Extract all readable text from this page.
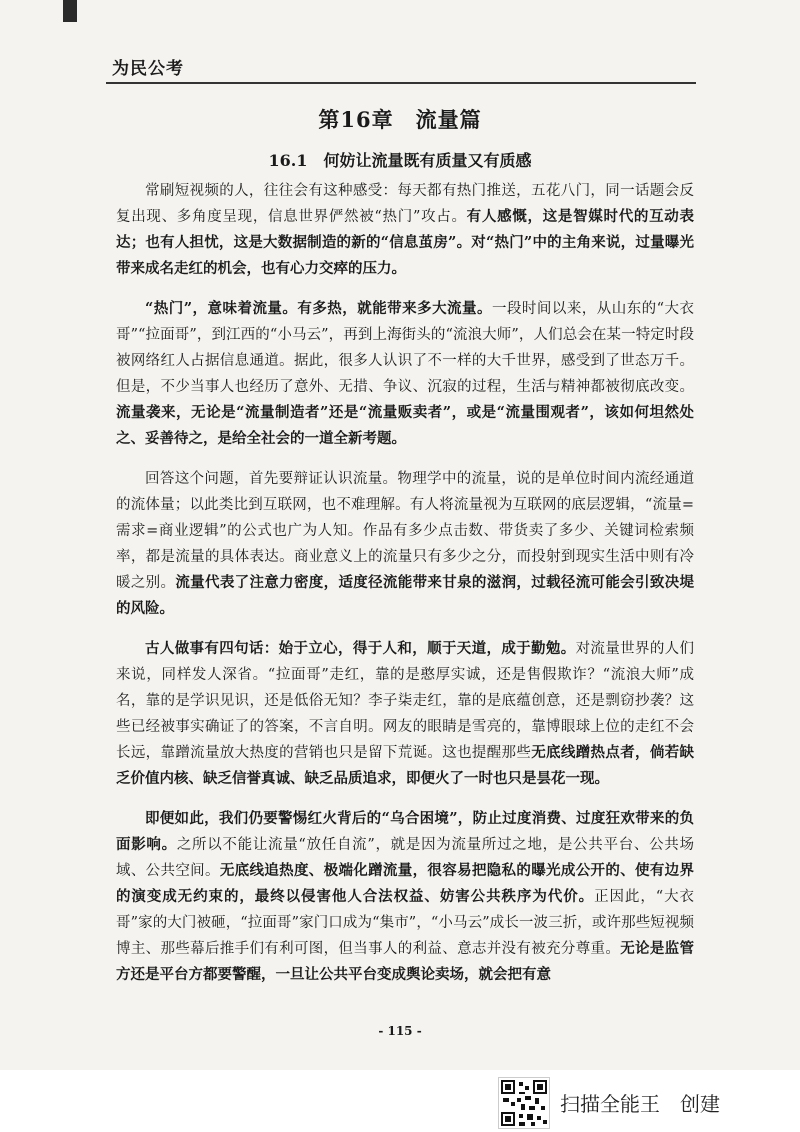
为民公考
第16章　流量篇
16.1　何妨让流量既有质量又有质感

常刷短视频的人，往往会有这种感受：每天都有热门推送，五花八门，同一话题会反复出现、多角度呈现，信息世界俨然被“热门”攻占。有人感慨，这是智媒时代的互动表达；也有人担忧，这是大数据制造的新的“信息茧房”。对“热门”中的主角来说，过量曝光带来成名走红的机会，也有心力交瘁的压力。

“热门”，意味着流量。有多热，就能带来多大流量。一段时间以来，从山东的“大衣哥”“拉面哥”，到江西的“小马云”，再到上海街头的“流浪大师”，人们总会在某一特定时段被网络红人占据信息通道。据此，很多人认识了不一样的大千世界，感受到了世态万千。但是，不少当事人也经历了意外、无措、争议、沉寂的过程，生活与精神都被彻底改变。流量袭来，无论是“流量制造者”还是“流量贩卖者”，或是“流量围观者”，该如何坦然处之、妥善待之，是给全社会的一道全新考题。

回答这个问题，首先要辩证认识流量。物理学中的流量，说的是单位时间内流经通道的流体量；以此类比到互联网，也不难理解。有人将流量视为互联网的底层逻辑，“流量=需求=商业逻辑”的公式也广为人知。作品有多少点击数、带货卖了多少、关键词检索频率，都是流量的具体表达。商业意义上的流量只有多少之分，而投射到现实生活中则有冷暖之别。流量代表了注意力密度，适度径流能带来甘泉的滋润，过载径流可能会引致决堤的风险。

古人做事有四句话：始于立心，得于人和，顺于天道，成于勤勉。对流量世界的人们来说，同样发人深省。“拉面哥”走红，靠的是憨厚实诚，还是售假欺诈？“流浪大师”成名，靠的是学识见识，还是低俗无知？李子柒走红，靠的是底蕴创意，还是剽窃抄袭？这些已经被事实确证了的答案，不言自明。网友的眼睛是雪亮的，靠博眼球上位的走红不会长远，靠蹭流量放大热度的营销也只是留下荒诞。这也提醒那些无底线蹭热点者，倘若缺乏价值内核、缺乏信誉真诚、缺乏品质追求，即便火了一时也只是昙花一现。

即便如此，我们仍要警惕红火背后的“乌合困境”，防止过度消费、过度狂欢带来的负面影响。之所以不能让流量“放任自流”，就是因为流量所过之地，是公共平台、公共场域、公共空间。无底线追热度、极端化蹭流量，很容易把隐私的曝光成公开的、使有边界的演变成无约束的，最终以侵害他人合法权益、妨害公共秩序为代价。正因此，“大衣哥”家的大门被砸，“拉面哥”家门口成为“集市”，“小马云”成长一波三折，或许那些短视频博主、那些幕后推手们有利可图，但当事人的利益、意志并没有被充分尊重。无论是监管方还是平台方都要警醒，一旦让公共平台变成舆论卖场，就会把有意

- 115 -
扫描全能王　创建
